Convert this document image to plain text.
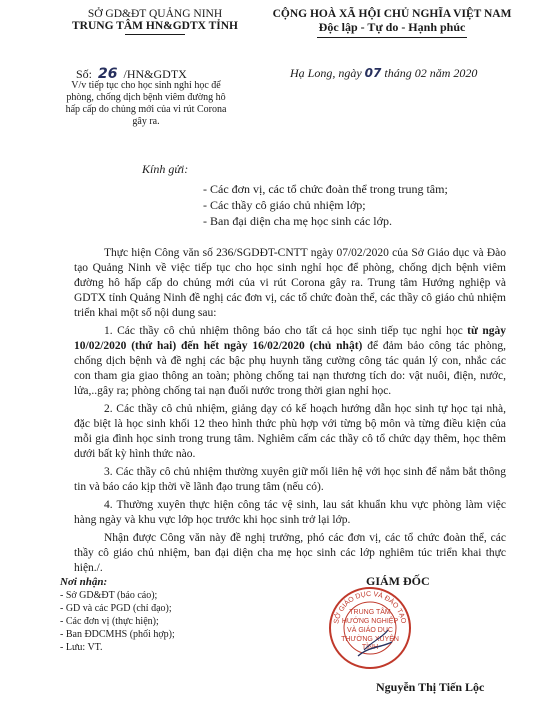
SỞ GD&ĐT QUẢNG NINH
TRUNG TÂM HN&GDTX TỈNH
CỘNG HOÀ XÃ HỘI CHỦ NGHĨA VIỆT NAM
Độc lập - Tự do - Hạnh phúc
Số: 26 /HN&GDTX	Hạ Long, ngày 07 tháng 02 năm 2020
V/v tiếp tục cho học sinh nghỉ học để phòng, chống dịch bệnh viêm đường hô hấp cấp do chủng mới của vi rút Corona gây ra.
Kính gửi:
- Các đơn vị, các tổ chức đoàn thể trong trung tâm;
- Các thầy cô giáo chủ nhiệm lớp;
- Ban đại diện cha mẹ học sinh các lớp.

Thực hiện Công văn số 236/SGDĐT-CNTT ngày 07/02/2020 của Sở Giáo dục và Đào tạo Quảng Ninh về việc tiếp tục cho học sinh nghỉ học để phòng, chống dịch bệnh viêm đường hô hấp cấp do chủng mới của vi rút Corona gây ra. Trung tâm Hướng nghiệp và GDTX tỉnh Quảng Ninh đề nghị các đơn vị, các tổ chức đoàn thể, các thầy cô giáo chủ nhiệm triển khai một số nội dung sau:

1. Các thầy cô chủ nhiệm thông báo cho tất cả học sinh tiếp tục nghỉ học từ ngày 10/02/2020 (thứ hai) đến hết ngày 16/02/2020 (chủ nhật) để đảm bảo công tác phòng, chống dịch bệnh và đề nghị các bậc phụ huynh tăng cường công tác quản lý con, nhắc các con tham gia giao thông an toàn; phòng chống tai nạn thương tích do: vật nuôi, điện, nước, lửa,..gây ra; phòng chống tai nạn đuối nước trong thời gian nghỉ học.

2. Các thầy cô chủ nhiệm, giảng dạy có kế hoạch hướng dẫn học sinh tự học tại nhà, đặc biệt là học sinh khối 12 theo hình thức phù hợp với từng bộ môn và từng điều kiện của mỗi gia đình học sinh trong trung tâm. Nghiêm cấm các thầy cô tổ chức dạy thêm, học thêm dưới bất kỳ hình thức nào.

3. Các thầy cô chủ nhiệm thường xuyên giữ mối liên hệ với học sinh để nắm bắt thông tin và báo cáo kịp thời về lãnh đạo trung tâm (nếu có).

4. Thường xuyên thực hiện công tác vệ sinh, lau sát khuẩn khu vực phòng làm việc hàng ngày và khu vực lớp học trước khi học sinh trở lại lớp.

Nhận được Công văn này đề nghị trưởng, phó các đơn vị, các tổ chức đoàn thể, các thầy cô giáo chủ nhiệm, ban đại diện cha mẹ học sinh các lớp nghiêm túc triển khai thực hiện./.

Nơi nhận:
- Sở GD&ĐT (báo cáo);
- GD và các PGD (chỉ đạo);
- Các đơn vị (thực hiện);
- Ban ĐDCMHS (phối hợp);
- Lưu: VT.
GIÁM ĐỐC
SỞ GIÁO DỤC VÀ ĐÀO TẠO
TRUNG TÂM
HƯỚNG NGHIỆP
VÀ GIÁO DỤC
THƯỜNG XUYÊN
TỈNH
Nguyễn Thị Tiến Lộc
